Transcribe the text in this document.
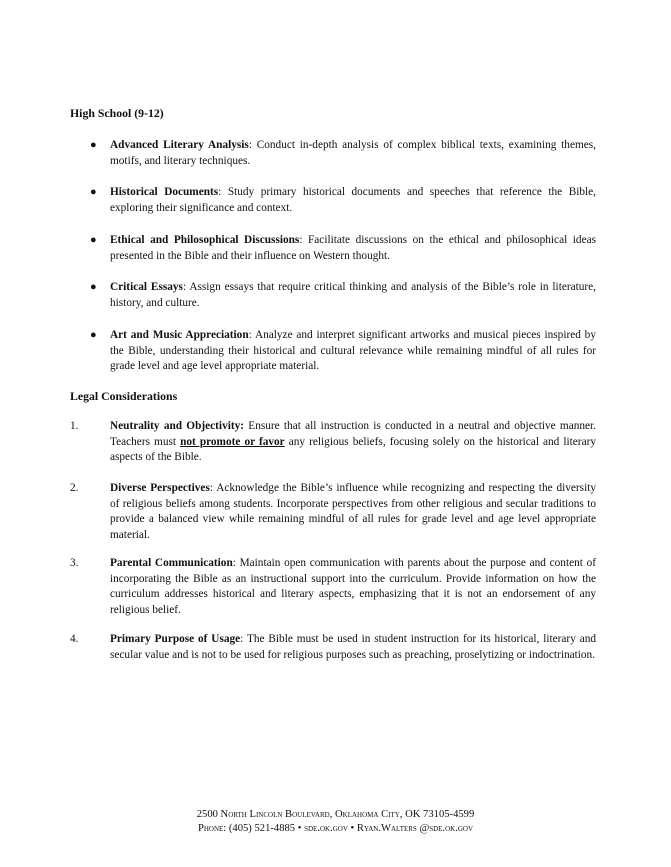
High School (9-12)
● Advanced Literary Analysis: Conduct in-depth analysis of complex biblical texts, examining themes, motifs, and literary techniques.
● Historical Documents: Study primary historical documents and speeches that reference the Bible, exploring their significance and context.
● Ethical and Philosophical Discussions: Facilitate discussions on the ethical and philosophical ideas presented in the Bible and their influence on Western thought.
● Critical Essays: Assign essays that require critical thinking and analysis of the Bible’s role in literature, history, and culture.
● Art and Music Appreciation: Analyze and interpret significant artworks and musical pieces inspired by the Bible, understanding their historical and cultural relevance while remaining mindful of all rules for grade level and age level appropriate material.
Legal Considerations
1.	Neutrality and Objectivity: Ensure that all instruction is conducted in a neutral and objective manner. Teachers must not promote or favor any religious beliefs, focusing solely on the historical and literary aspects of the Bible.
2.	Diverse Perspectives: Acknowledge the Bible’s influence while recognizing and respecting the diversity of religious beliefs among students. Incorporate perspectives from other religious and secular traditions to provide a balanced view while remaining mindful of all rules for grade level and age level appropriate material.
3.	Parental Communication: Maintain open communication with parents about the purpose and content of incorporating the Bible as an instructional support into the curriculum. Provide information on how the curriculum addresses historical and literary aspects, emphasizing that it is not an endorsement of any religious belief.
4.	Primary Purpose of Usage: The Bible must be used in student instruction for its historical, literary and secular value and is not to be used for religious purposes such as preaching, proselytizing or indoctrination.
2500 North Lincoln Boulevard, Oklahoma City, OK 73105-4599
Phone: (405) 521-4885 • sde.ok.gov • Ryan.Walters @sde.ok.gov
